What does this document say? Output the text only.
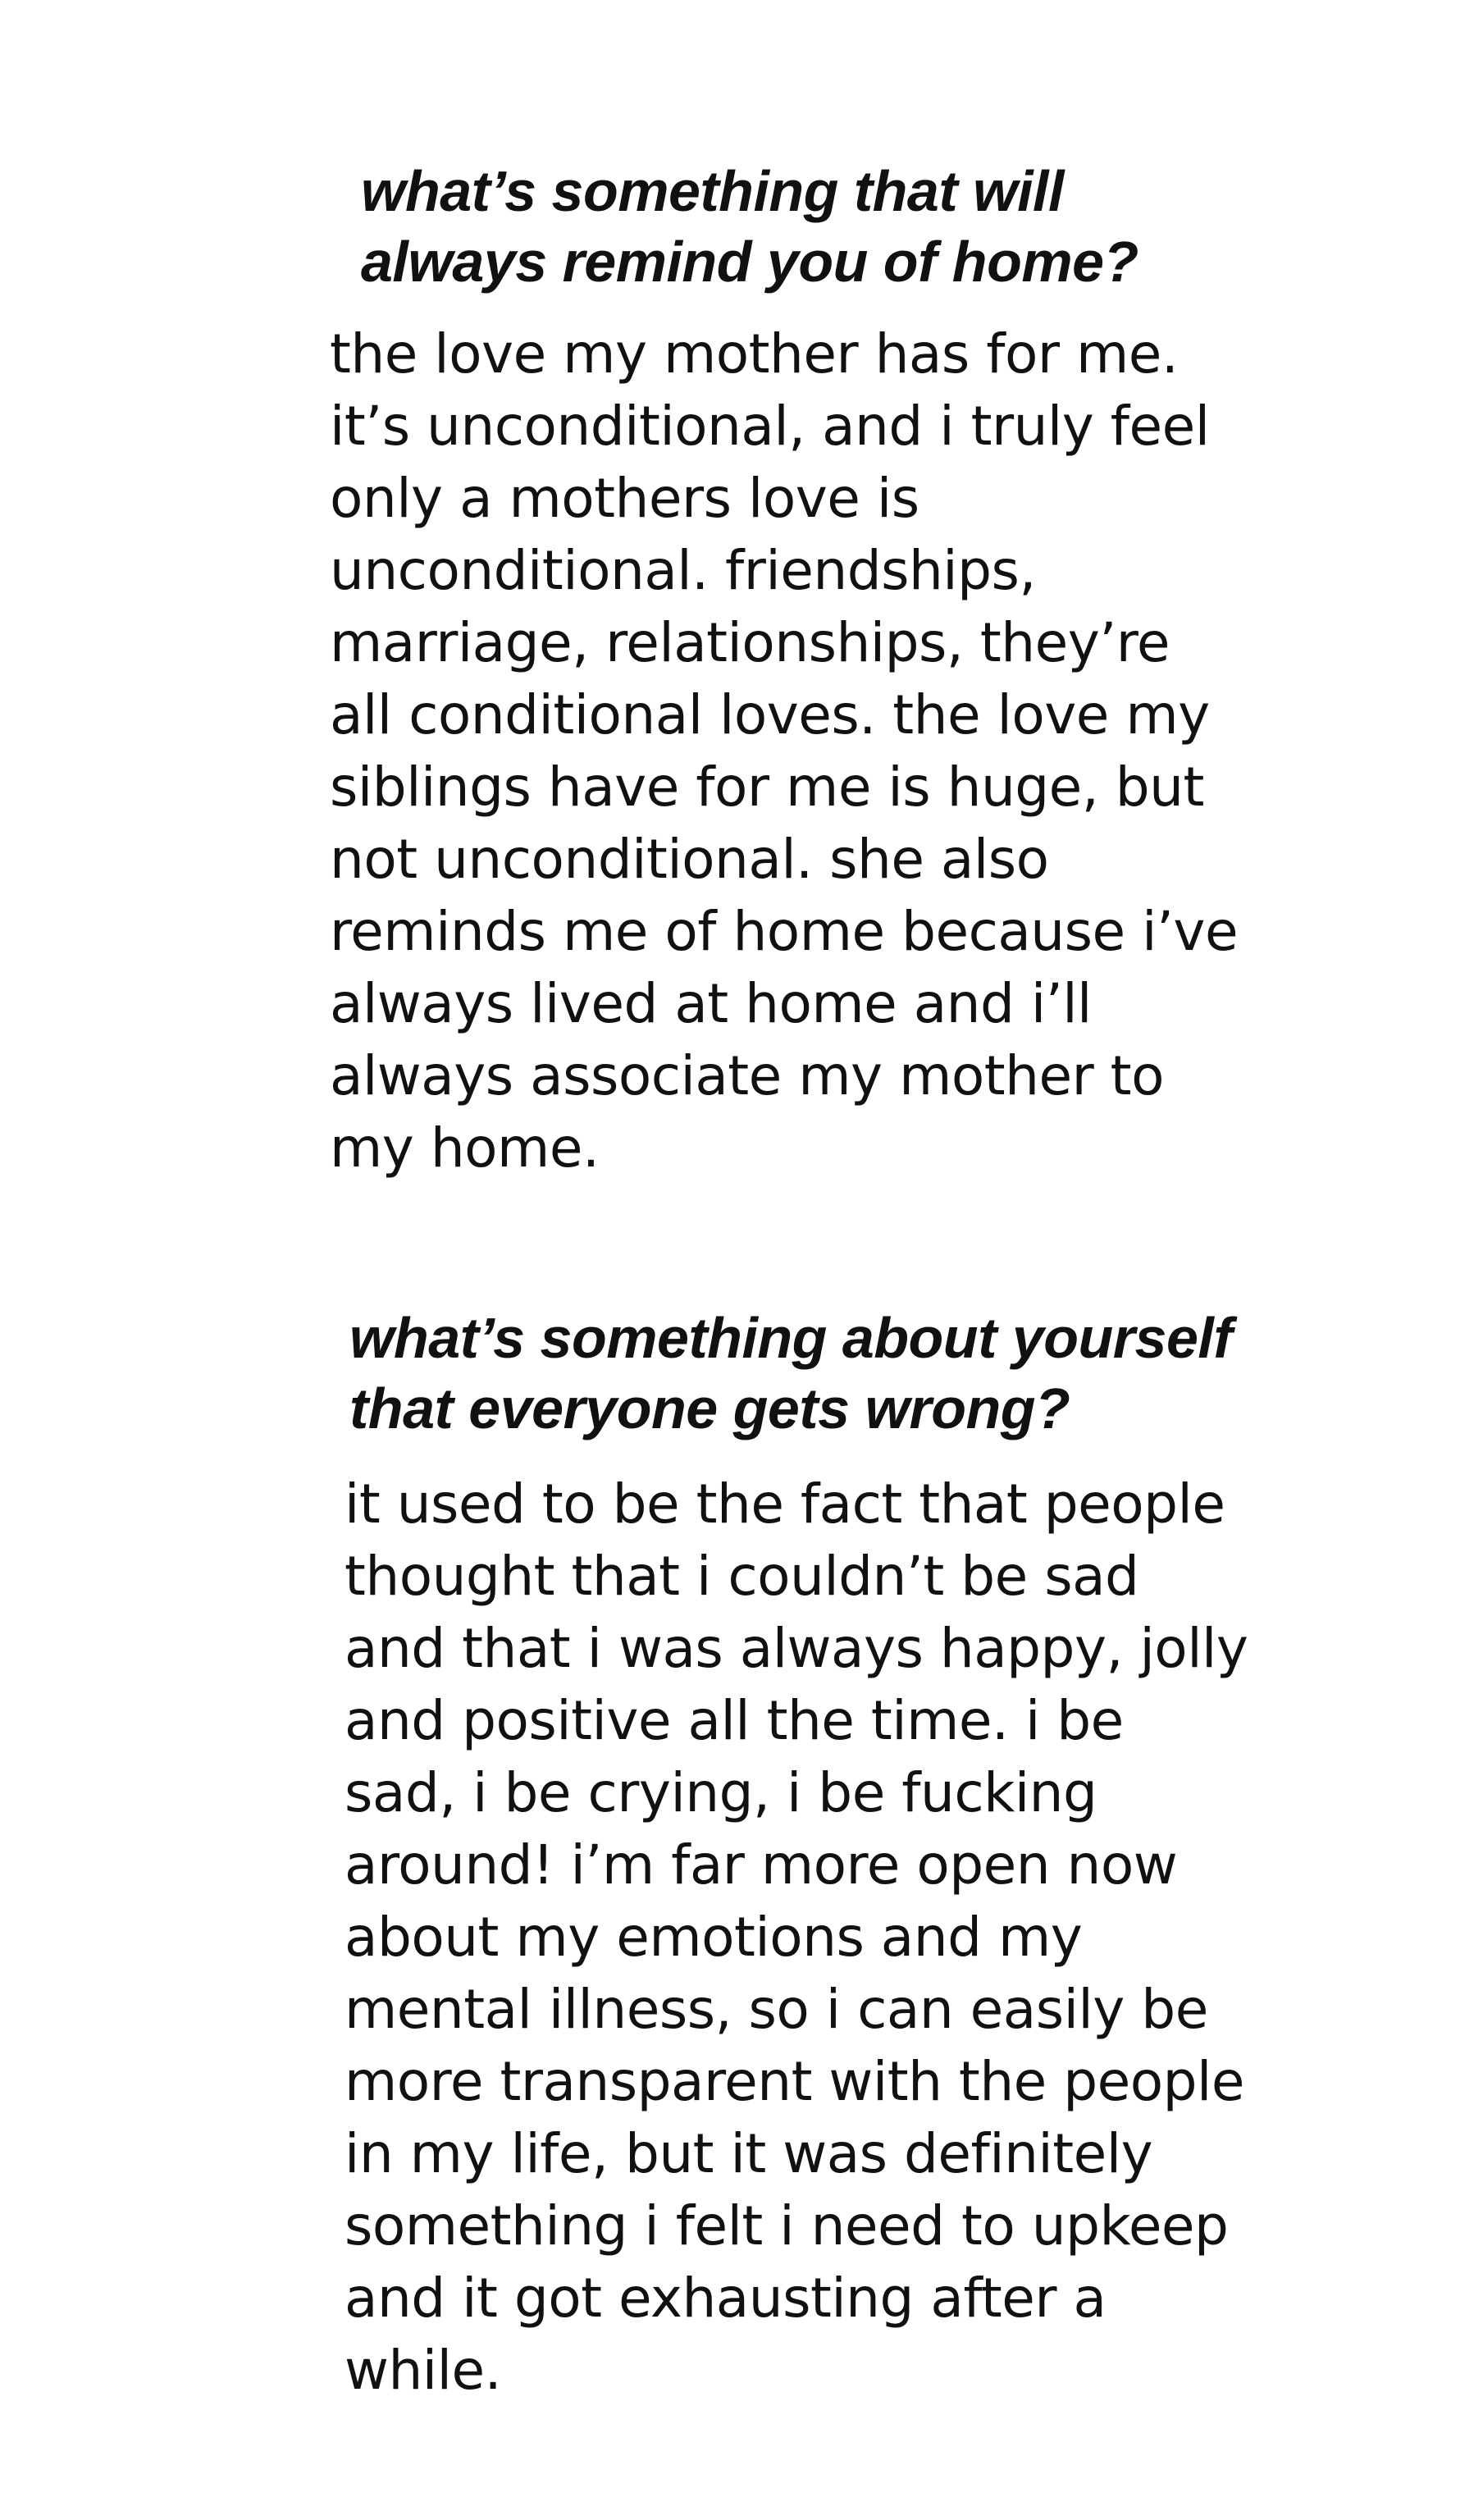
what’s something that will
always remind you of home?

the love my mother has for me.
it’s unconditional, and i truly feel
only a mothers love is
unconditional. friendships,
marriage, relationships, they’re
all conditional loves. the love my
siblings have for me is huge, but
not unconditional. she also
reminds me of home because i’ve
always lived at home and i’ll
always associate my mother to
my home.

what’s something about yourself
that everyone gets wrong?

it used to be the fact that people
thought that i couldn’t be sad
and that i was always happy, jolly
and positive all the time. i be
sad, i be crying, i be fucking
around! i’m far more open now
about my emotions and my
mental illness, so i can easily be
more transparent with the people
in my life, but it was definitely
something i felt i need to upkeep
and it got exhausting after a
while.
